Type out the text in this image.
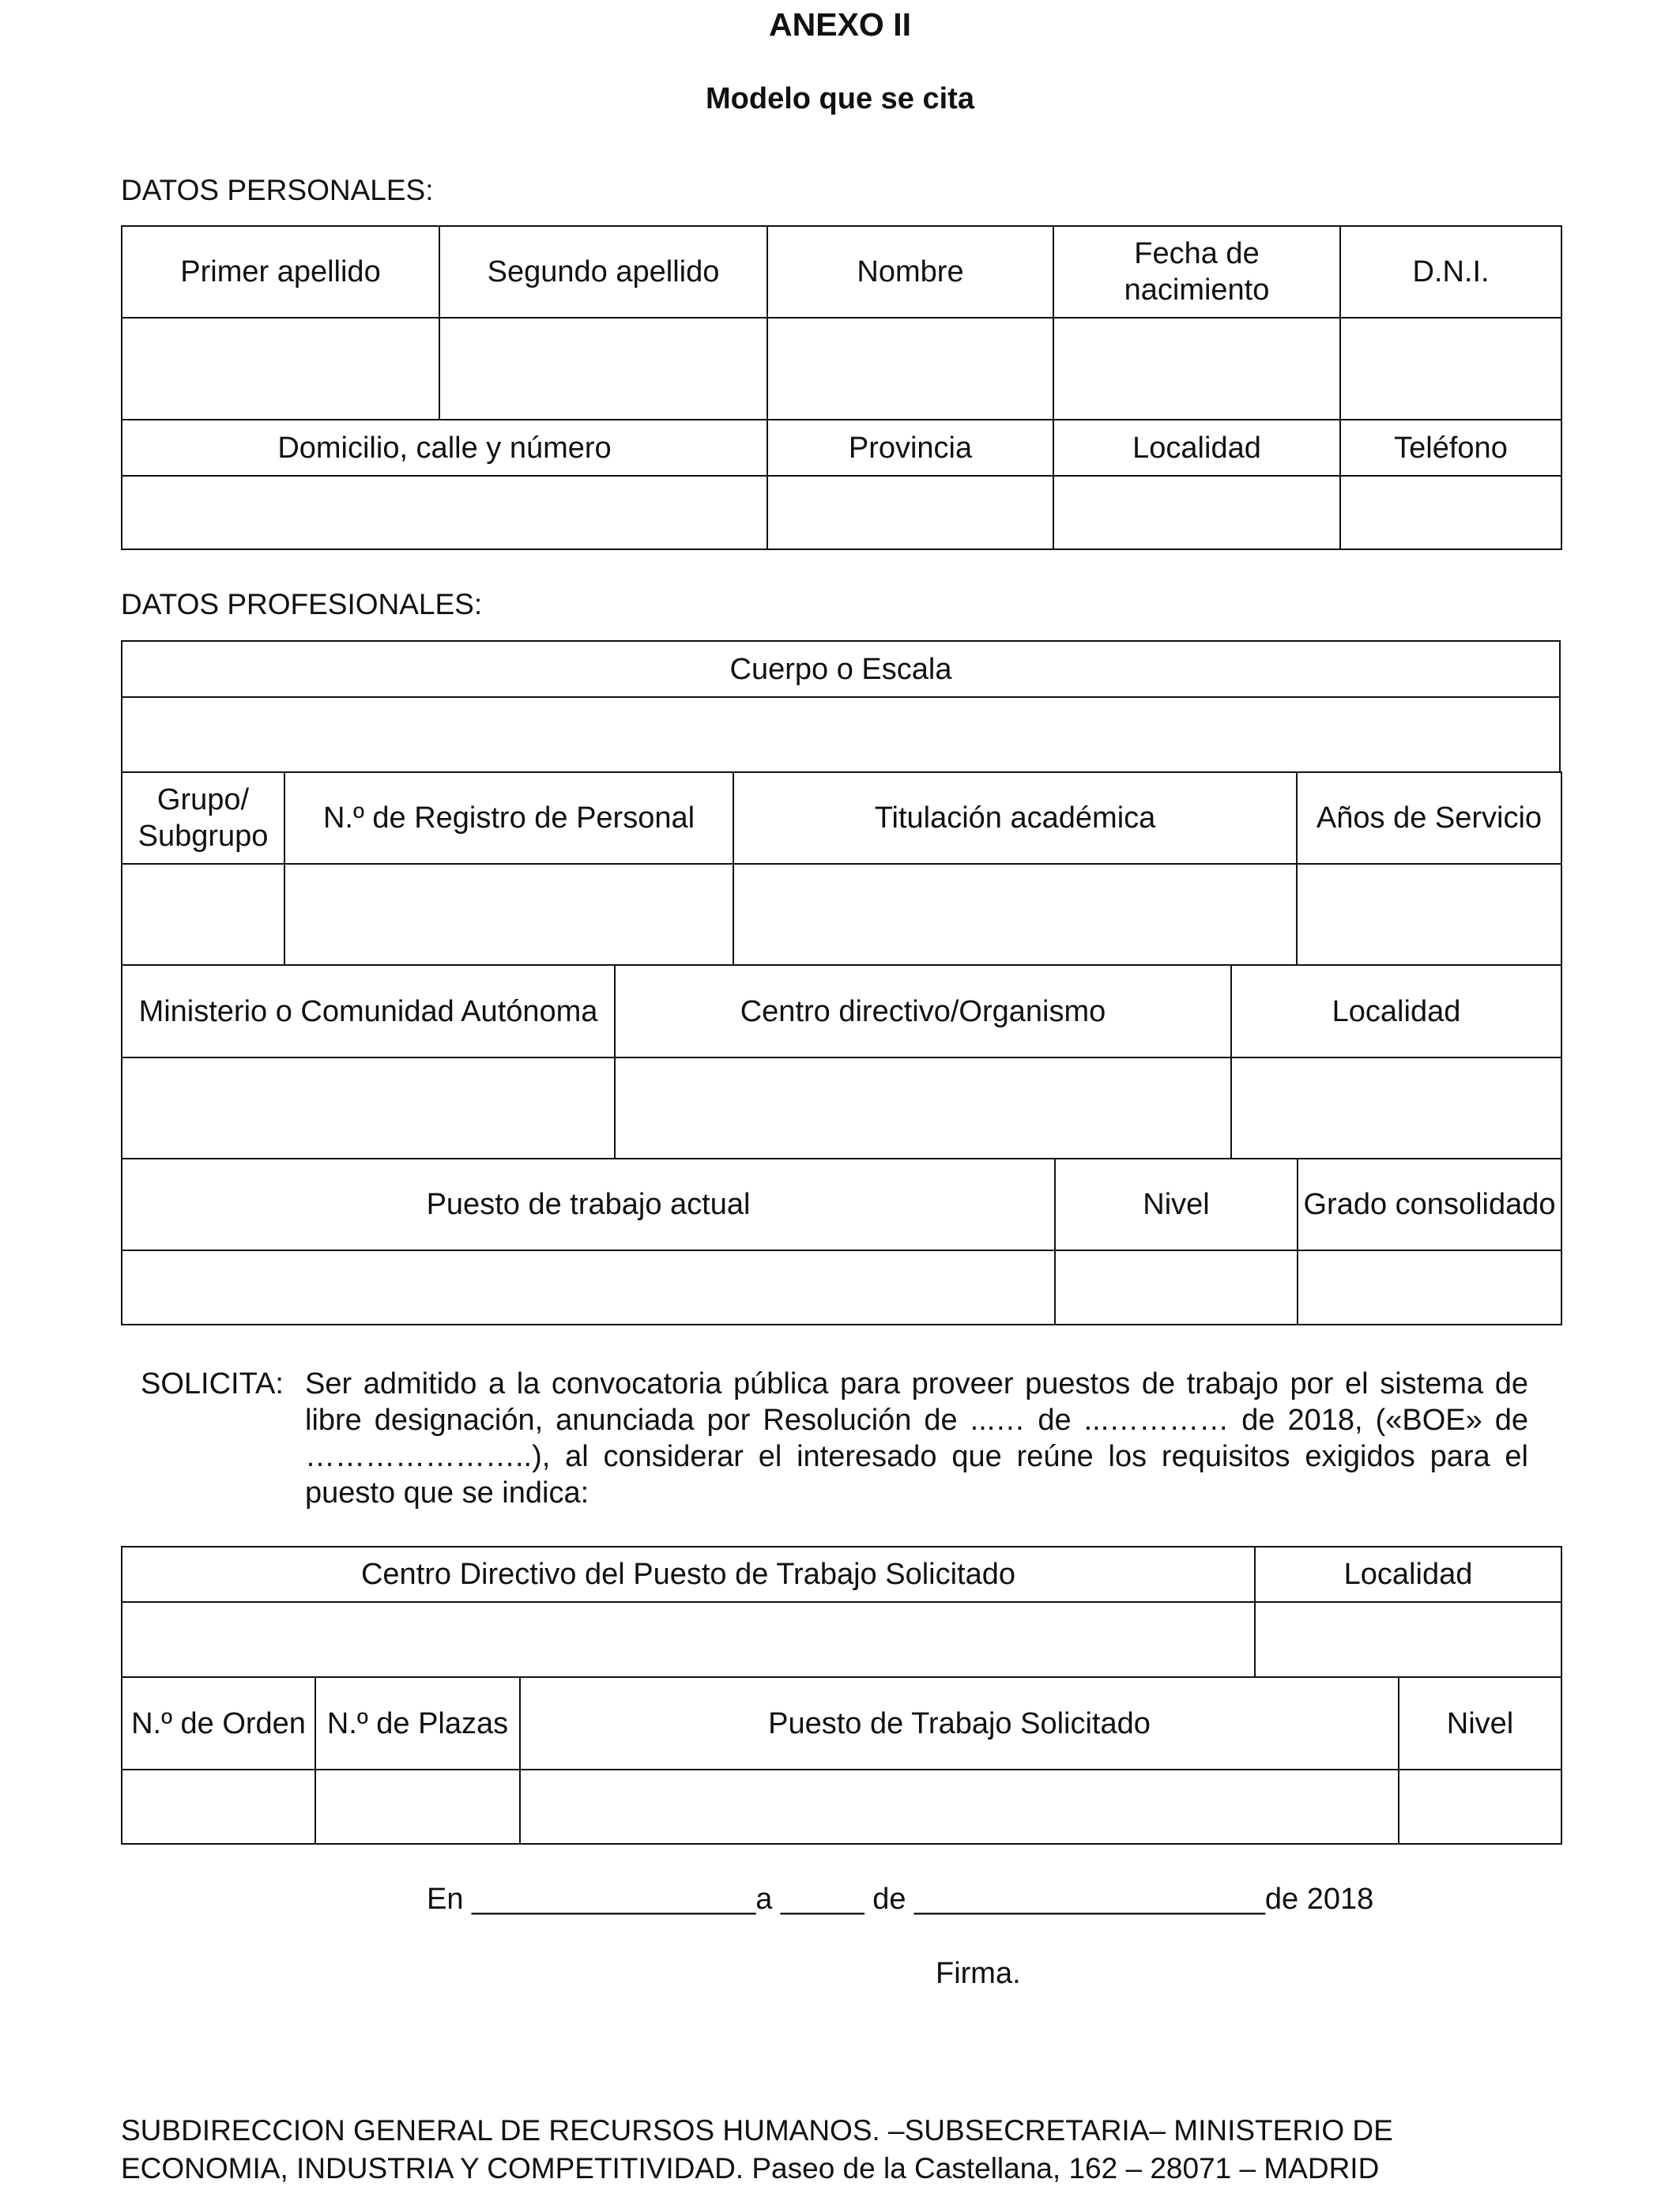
ANEXO II
Modelo que se cita
DATOS PERSONALES:
Primer apellido	Segundo apellido	Nombre	Fecha de nacimiento	D.N.I.

Domicilio, calle y número		Provincia	Localidad	Teléfono

DATOS PROFESIONALES:
Cuerpo o Escala

Grupo/ Subgrupo	N.º de Registro de Personal	Titulación académica	Años de Servicio

Ministerio o Comunidad Autónoma	Centro directivo/Organismo	Localidad

Puesto de trabajo actual	Nivel	Grado consolidado

SOLICITA: Ser admitido a la convocatoria pública para proveer puestos de trabajo por el sistema de libre designación, anunciada por Resolución de ...… de ...………… de 2018, («BOE» de …………………..), al considerar el interesado que reúne los requisitos exigidos para el puesto que se indica:
Centro Directivo del Puesto de Trabajo Solicitado	Localidad

N.º de Orden	N.º de Plazas	Puesto de Trabajo Solicitado	Nivel

En _________________a _____ de _____________________de 2018
Firma.
SUBDIRECCION GENERAL DE RECURSOS HUMANOS. –SUBSECRETARIA– MINISTERIO DE ECONOMIA, INDUSTRIA Y COMPETITIVIDAD. Paseo de la Castellana, 162 – 28071 – MADRID
